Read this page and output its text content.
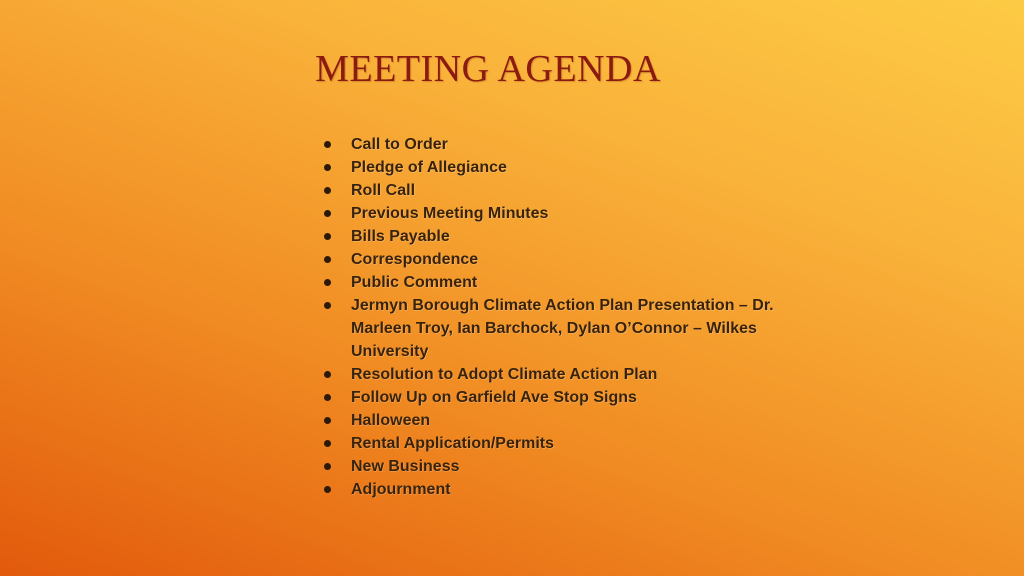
MEETING AGENDA
Call to Order
Pledge of Allegiance
Roll Call
Previous Meeting Minutes
Bills Payable
Correspondence
Public Comment
Jermyn Borough Climate Action Plan Presentation – Dr. Marleen Troy, Ian Barchock, Dylan O’Connor – Wilkes University
Resolution to Adopt Climate Action Plan
Follow Up on Garfield Ave Stop Signs
Halloween
Rental Application/Permits
New Business
Adjournment
